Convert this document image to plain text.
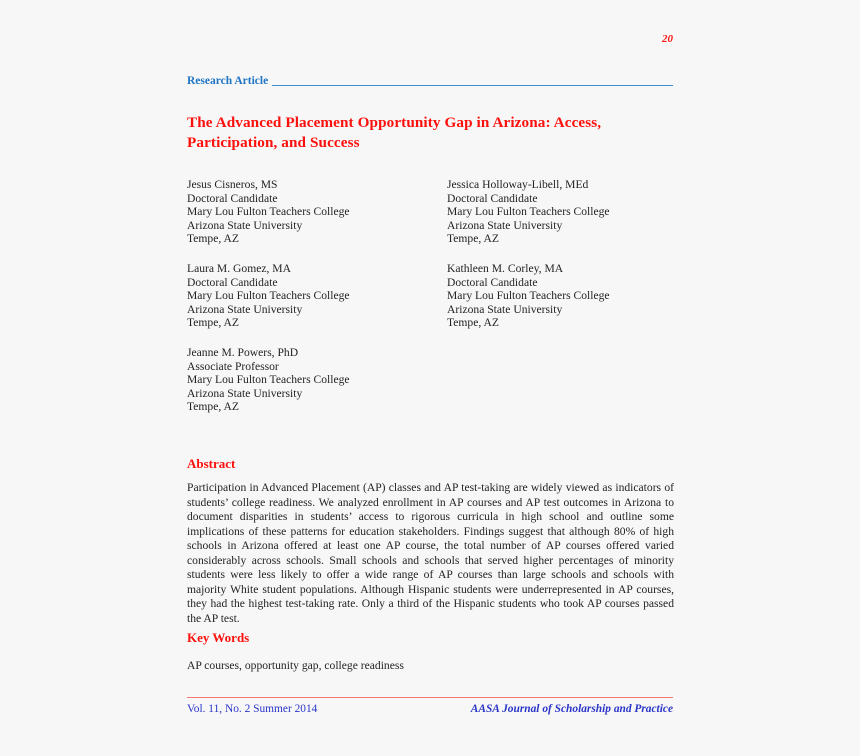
20
Research Article
The Advanced Placement Opportunity Gap in Arizona: Access, Participation, and Success
Jesus Cisneros, MS
Doctoral Candidate
Mary Lou Fulton Teachers College
Arizona State University
Tempe, AZ
Jessica Holloway-Libell, MEd
Doctoral Candidate
Mary Lou Fulton Teachers College
Arizona State University
Tempe, AZ
Laura M. Gomez, MA
Doctoral Candidate
Mary Lou Fulton Teachers College
Arizona State University
Tempe, AZ
Kathleen M. Corley, MA
Doctoral Candidate
Mary Lou Fulton Teachers College
Arizona State University
Tempe, AZ
Jeanne M. Powers, PhD
Associate Professor
Mary Lou Fulton Teachers College
Arizona State University
Tempe, AZ
Abstract
Participation in Advanced Placement (AP) classes and AP test-taking are widely viewed as indicators of students’ college readiness. We analyzed enrollment in AP courses and AP test outcomes in Arizona to document disparities in students’ access to rigorous curricula in high school and outline some implications of these patterns for education stakeholders. Findings suggest that although 80% of high schools in Arizona offered at least one AP course, the total number of AP courses offered varied considerably across schools. Small schools and schools that served higher percentages of minority students were less likely to offer a wide range of AP courses than large schools and schools with majority White student populations. Although Hispanic students were underrepresented in AP courses, they had the highest test-taking rate. Only a third of the Hispanic students who took AP courses passed the AP test.
Key Words
AP courses, opportunity gap, college readiness
Vol. 11, No. 2 Summer 2014	AASA Journal of Scholarship and Practice
